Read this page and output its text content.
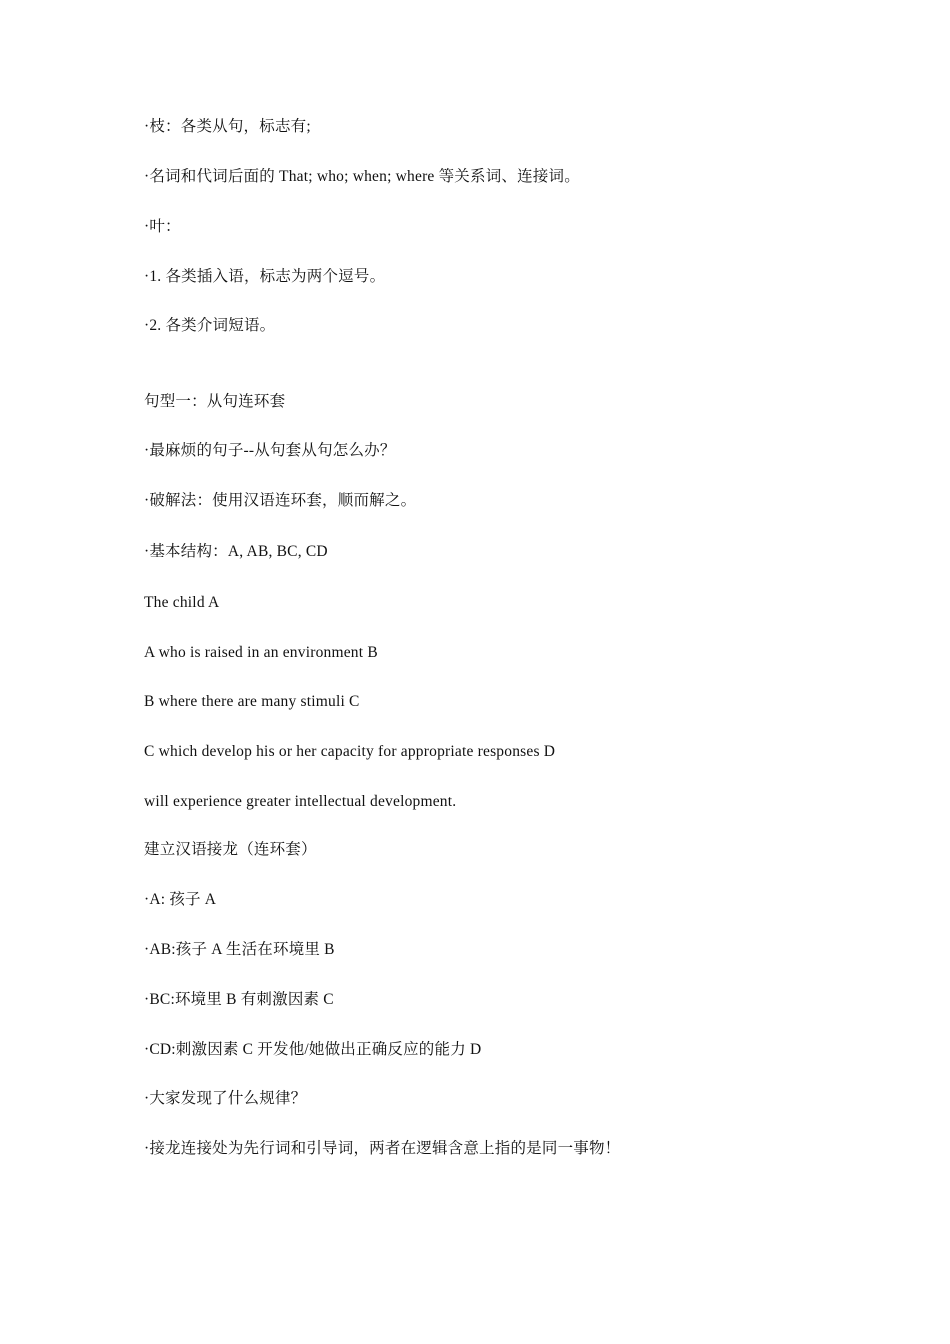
·枝：各类从句，标志有;
·名词和代词后面的 That; who; when; where 等关系词、连接词。
·叶：
·1. 各类插入语，标志为两个逗号。
·2. 各类介词短语。
句型一：从句连环套
·最麻烦的句子--从句套从句怎么办？
·破解法：使用汉语连环套，顺而解之。
·基本结构：A, AB, BC, CD
The child A
A who is raised in an environment B
B where there are many stimuli C
C which develop his or her capacity for appropriate responses D
will experience greater intellectual development.
建立汉语接龙（连环套）
·A: 孩子 A
·AB:孩子 A 生活在环境里 B
·BC:环境里 B 有刺激因素 C
·CD:刺激因素 C 开发他/她做出正确反应的能力 D
·大家发现了什么规律？
·接龙连接处为先行词和引导词，两者在逻辑含意上指的是同一事物！
